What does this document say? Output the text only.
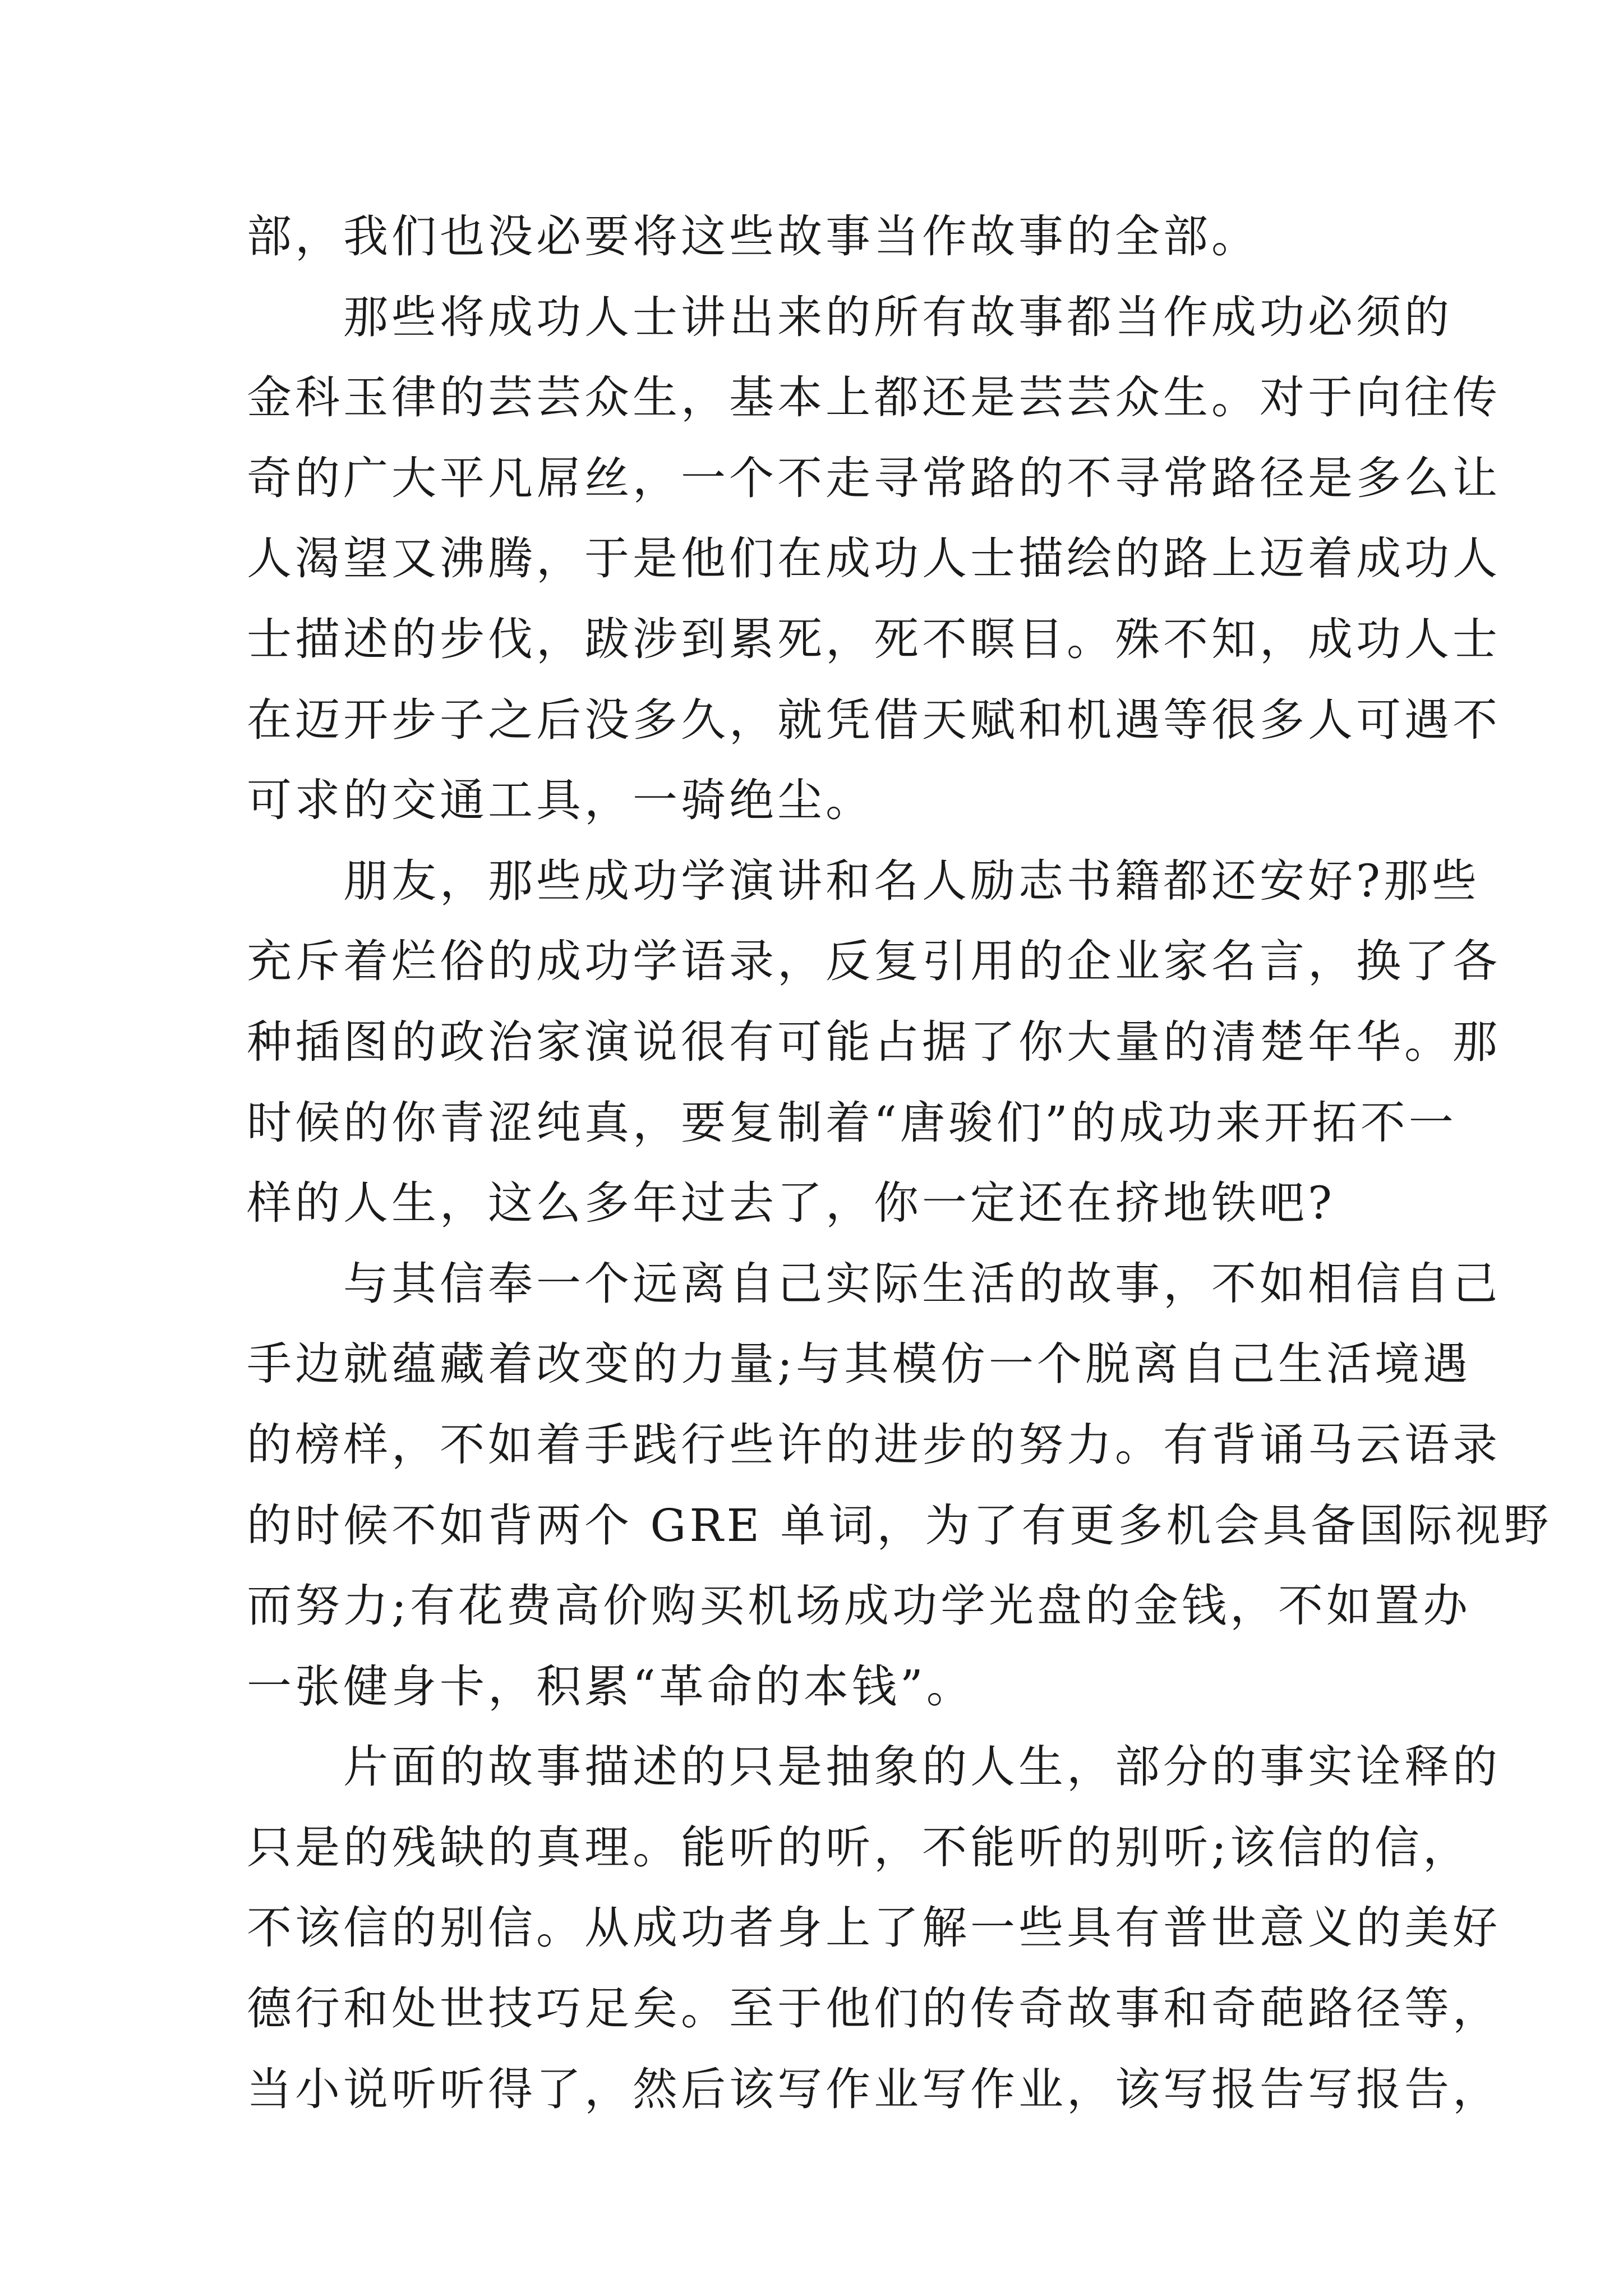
部，我们也没必要将这些故事当作故事的全部。
　　那些将成功人士讲出来的所有故事都当作成功必须的
金科玉律的芸芸众生，基本上都还是芸芸众生。对于向往传
奇的广大平凡屌丝，一个不走寻常路的不寻常路径是多么让
人渴望又沸腾，于是他们在成功人士描绘的路上迈着成功人
士描述的步伐，跋涉到累死，死不瞑目。殊不知，成功人士
在迈开步子之后没多久，就凭借天赋和机遇等很多人可遇不
可求的交通工具，一骑绝尘。
　　朋友，那些成功学演讲和名人励志书籍都还安好?那些
充斥着烂俗的成功学语录，反复引用的企业家名言，换了各
种插图的政治家演说很有可能占据了你大量的清楚年华。那
时候的你青涩纯真，要复制着“唐骏们”的成功来开拓不一
样的人生，这么多年过去了，你一定还在挤地铁吧?
　　与其信奉一个远离自己实际生活的故事，不如相信自己
手边就蕴藏着改变的力量;与其模仿一个脱离自己生活境遇
的榜样，不如着手践行些许的进步的努力。有背诵马云语录
的时候不如背两个 GRE 单词，为了有更多机会具备国际视野
而努力;有花费高价购买机场成功学光盘的金钱，不如置办
一张健身卡，积累“革命的本钱”。
　　片面的故事描述的只是抽象的人生，部分的事实诠释的
只是的残缺的真理。能听的听，不能听的别听;该信的信，
不该信的别信。从成功者身上了解一些具有普世意义的美好
德行和处世技巧足矣。至于他们的传奇故事和奇葩路径等，
当小说听听得了，然后该写作业写作业，该写报告写报告，
